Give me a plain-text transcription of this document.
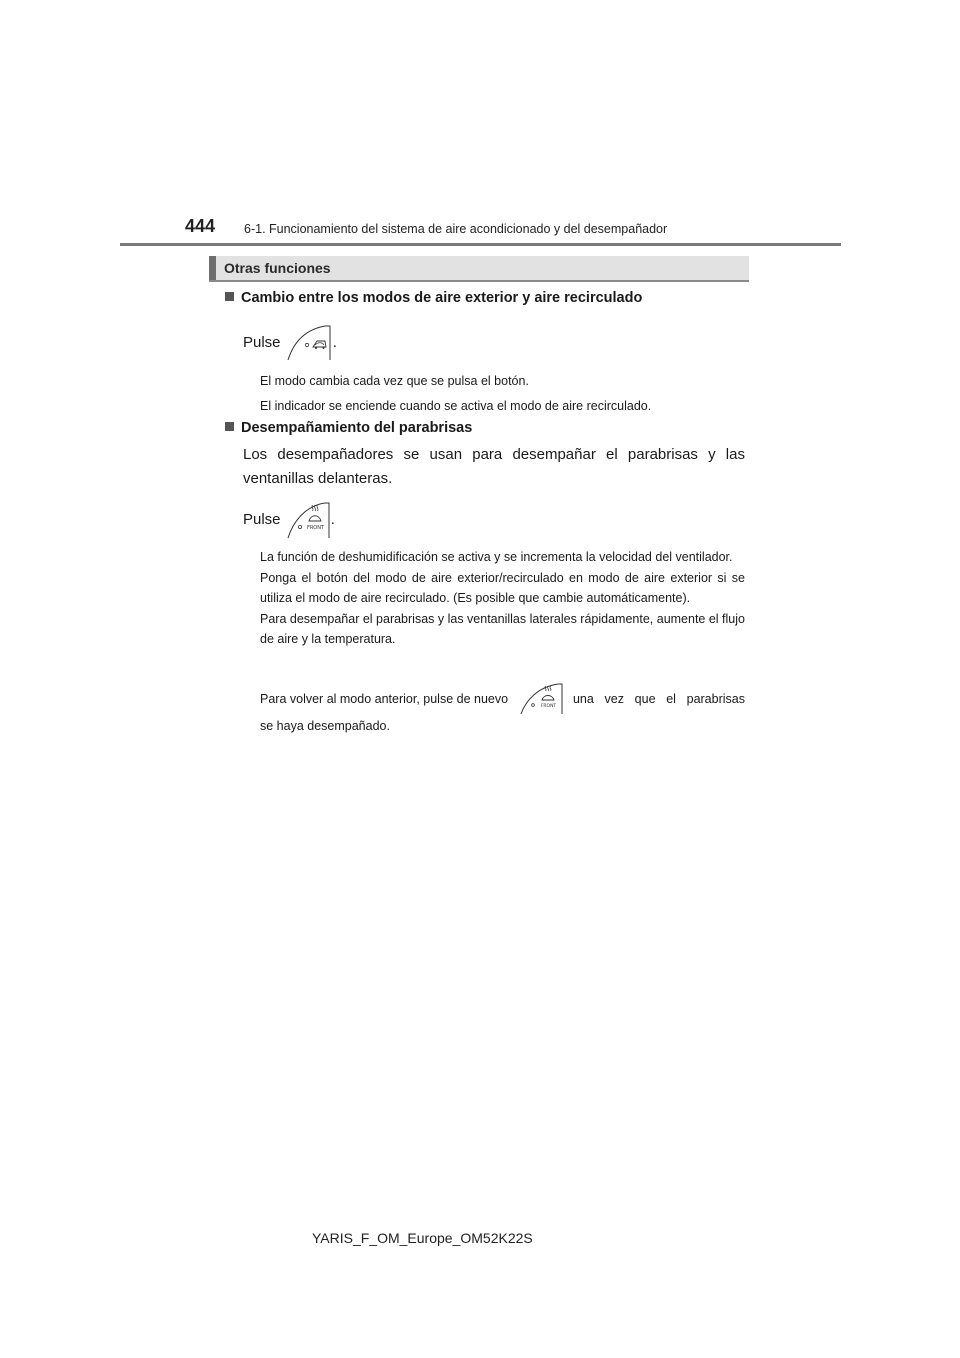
444 6-1. Funcionamiento del sistema de aire acondicionado y del desempañador
Otras funciones
Cambio entre los modos de aire exterior y aire recirculado
Pulse	.
El modo cambia cada vez que se pulsa el botón.
El indicador se enciende cuando se activa el modo de aire recirculado.
Desempañamiento del parabrisas
Los desempañadores se usan para desempañar el parabrisas y las ventanillas delanteras.
Pulse
FRONT
.
La función de deshumidificación se activa y se incrementa la velocidad del ventilador.
Ponga el botón del modo de aire exterior/recirculado en modo de aire exterior si se utiliza el modo de aire recirculado. (Es posible que cambie automáticamente).
Para desempañar el parabrisas y las ventanillas laterales rápidamente, aumente el flujo de aire y la temperatura.
Para volver al modo anterior, pulse de nuevo
FRONT
una vez que el parabrisas
se haya desempañado.
YARIS_F_OM_Europe_OM52K22S
